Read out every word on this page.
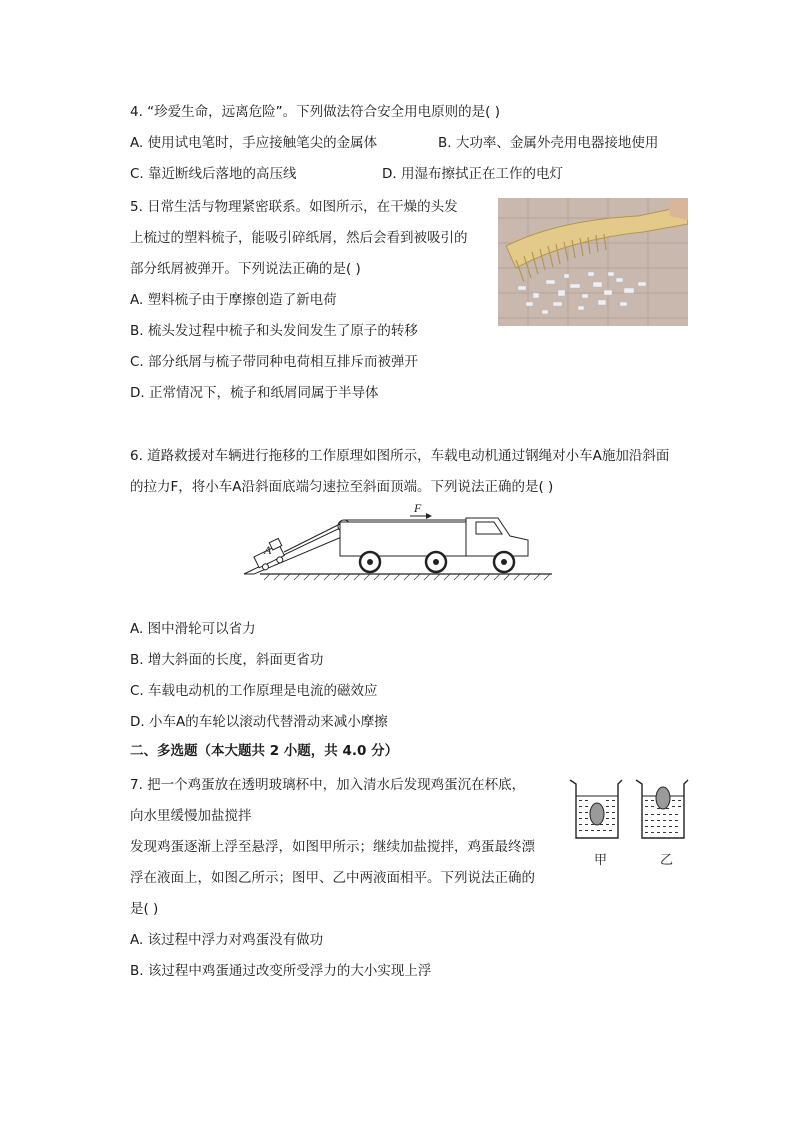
4. “珍爱生命，远离危险”。下列做法符合安全用电原则的是( )
A. 使用试电笔时，手应接触笔尖的金属体	B. 大功率、金属外壳用电器接地使用
C. 靠近断线后落地的高压线	D. 用湿布擦拭正在工作的电灯
5. 日常生活与物理紧密联系。如图所示，在干燥的头发
上梳过的塑料梳子，能吸引碎纸屑，然后会看到被吸引的
部分纸屑被弹开。下列说法正确的是( )
A. 塑料梳子由于摩擦创造了新电荷
B. 梳头发过程中梳子和头发间发生了原子的转移
C. 部分纸屑与梳子带同种电荷相互排斥而被弹开
D. 正常情况下，梳子和纸屑同属于半导体
6. 道路救援对车辆进行拖移的工作原理如图所示，车载电动机通过钢绳对小车A施加沿斜面
的拉力F，将小车A沿斜面底端匀速拉至斜面顶端。下列说法正确的是( )
A
F
A. 图中滑轮可以省力
B. 增大斜面的长度，斜面更省功
C. 车载电动机的工作原理是电流的磁效应
D. 小车A的车轮以滚动代替滑动来减小摩擦
二、多选题（本大题共 2 小题，共 4.0 分）
7. 把一个鸡蛋放在透明玻璃杯中，加入清水后发现鸡蛋沉在杯底，
向水里缓慢加盐搅拌
发现鸡蛋逐渐上浮至悬浮，如图甲所示；继续加盐搅拌，鸡蛋最终漂
浮在液面上，如图乙所示；图甲、乙中两液面相平。下列说法正确的
是( )
A. 该过程中浮力对鸡蛋没有做功
B. 该过程中鸡蛋通过改变所受浮力的大小实现上浮
甲	乙
